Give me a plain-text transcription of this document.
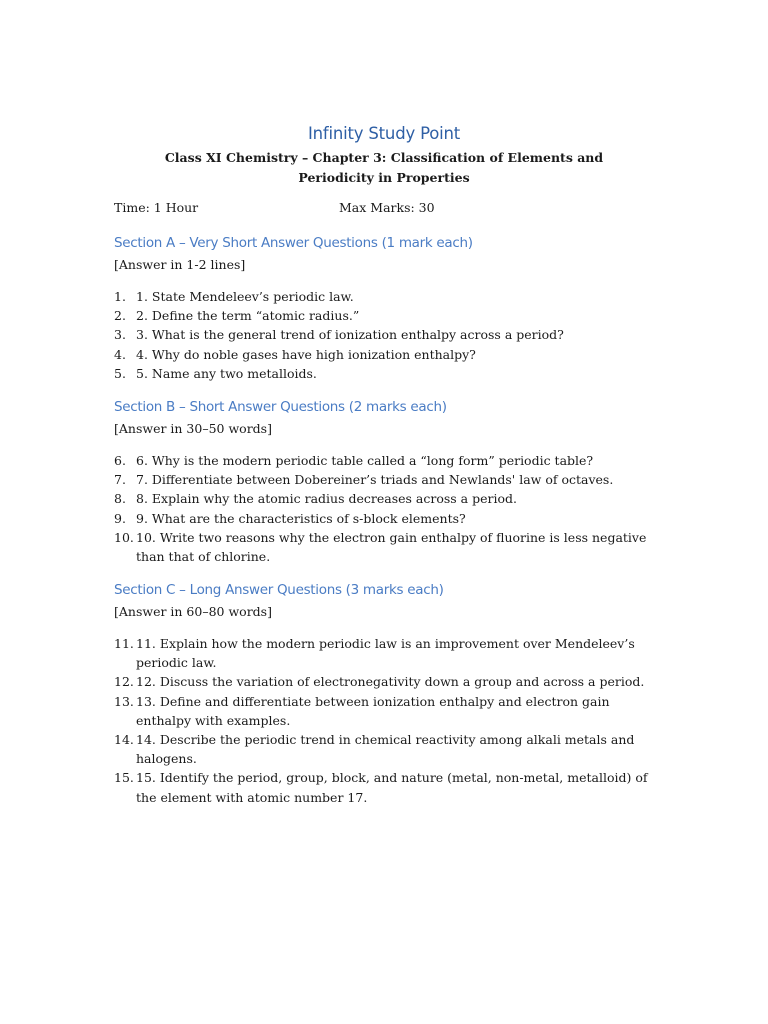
Infinity Study Point
Class XI Chemistry – Chapter 3: Classification of Elements and Periodicity in Properties
Time: 1 Hour	Max Marks: 30
Section A – Very Short Answer Questions (1 mark each)
[Answer in 1-2 lines]
1. 1. State Mendeleev’s periodic law.
2. 2. Define the term “atomic radius.”
3. 3. What is the general trend of ionization enthalpy across a period?
4. 4. Why do noble gases have high ionization enthalpy?
5. 5. Name any two metalloids.
Section B – Short Answer Questions (2 marks each)
[Answer in 30–50 words]
6. 6. Why is the modern periodic table called a “long form” periodic table?
7. 7. Differentiate between Dobereiner’s triads and Newlands' law of octaves.
8. 8. Explain why the atomic radius decreases across a period.
9. 9. What are the characteristics of s-block elements?
10. 10. Write two reasons why the electron gain enthalpy of fluorine is less negative than that of chlorine.
Section C – Long Answer Questions (3 marks each)
[Answer in 60–80 words]
11. 11. Explain how the modern periodic law is an improvement over Mendeleev’s periodic law.
12. 12. Discuss the variation of electronegativity down a group and across a period.
13. 13. Define and differentiate between ionization enthalpy and electron gain enthalpy with examples.
14. 14. Describe the periodic trend in chemical reactivity among alkali metals and halogens.
15. 15. Identify the period, group, block, and nature (metal, non-metal, metalloid) of the element with atomic number 17.
